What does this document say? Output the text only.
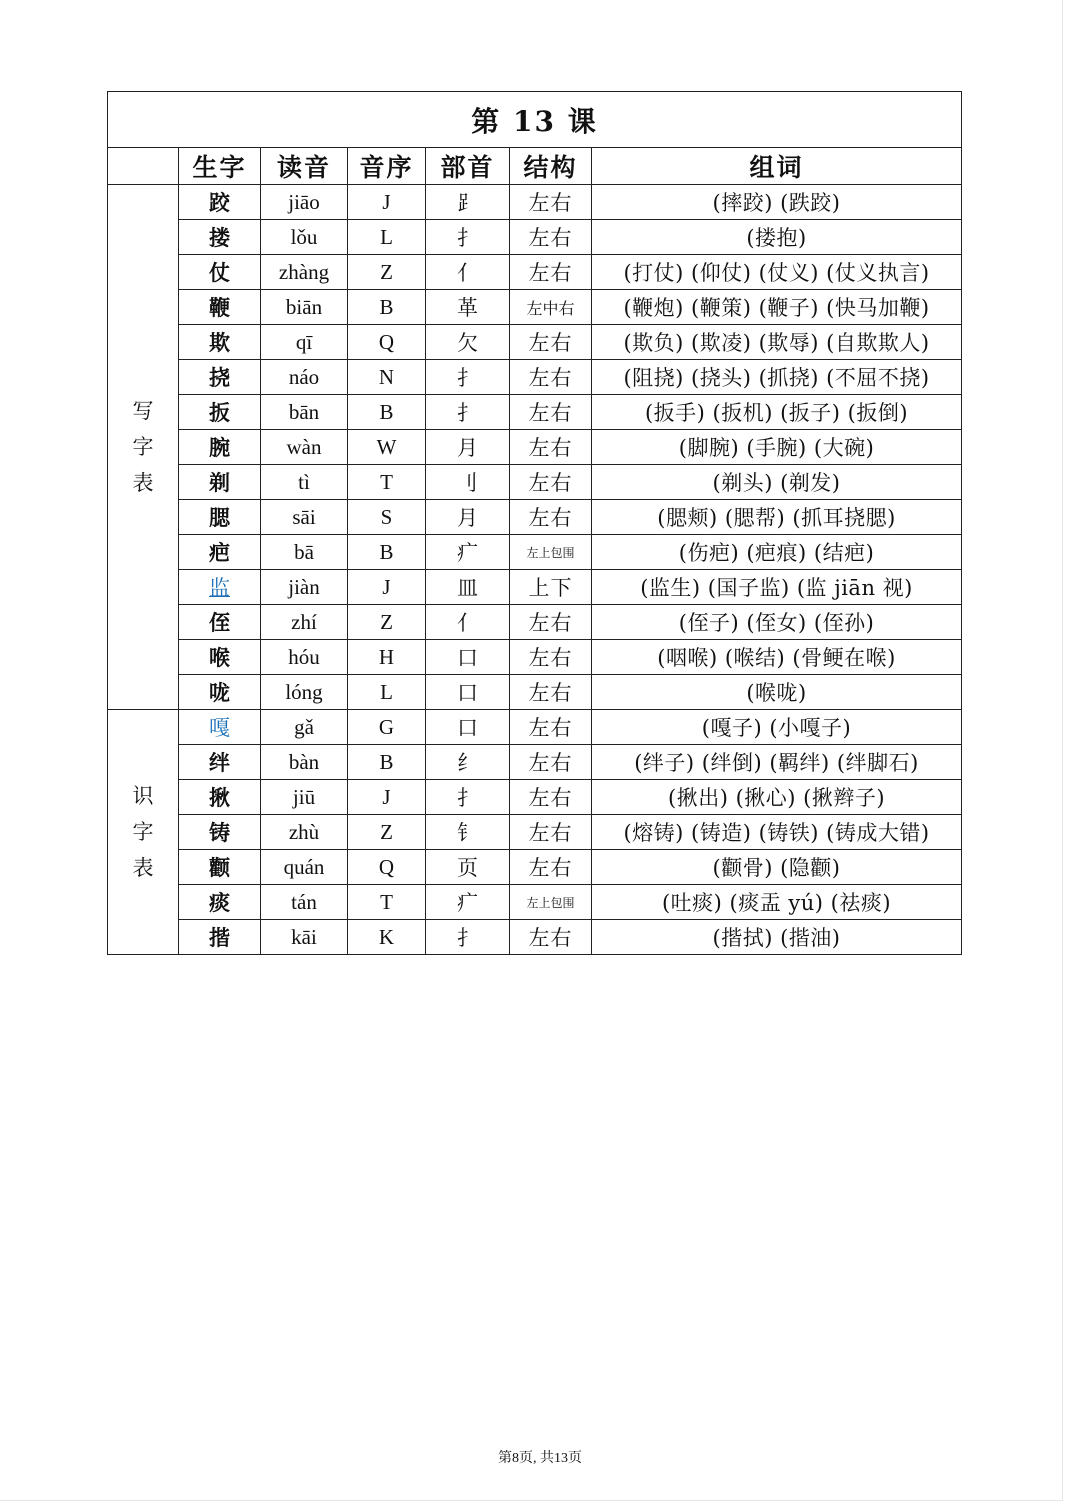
第 13 课						
	生字	读音	音序	部首	结构	组词
写字表	跤	jiāo	J	⻊	左右	(摔跤) (跌跤)
	搂	lǒu	L	扌	左右	(搂抱)
	仗	zhàng	Z	亻	左右	(打仗) (仰仗) (仗义) (仗义执言)
	鞭	biān	B	革	左中右	(鞭炮) (鞭策) (鞭子) (快马加鞭)
	欺	qī	Q	欠	左右	(欺负) (欺凌) (欺辱) (自欺欺人)
	挠	náo	N	扌	左右	(阻挠) (挠头) (抓挠) (不屈不挠)
	扳	bān	B	扌	左右	(扳手) (扳机) (扳子) (扳倒)
	腕	wàn	W	月	左右	(脚腕) (手腕) (大碗)
	剃	tì	T	刂	左右	(剃头) (剃发)
	腮	sāi	S	月	左右	(腮颊) (腮帮) (抓耳挠腮)
	疤	bā	B	疒	左上包围	(伤疤) (疤痕) (结疤)
	监	jiàn	J	皿	上下	(监生) (国子监) (监 jiān 视)
	侄	zhí	Z	亻	左右	(侄子) (侄女) (侄孙)
	喉	hóu	H	口	左右	(咽喉) (喉结) (骨鲠在喉)
	咙	lóng	L	口	左右	(喉咙)
识字表	嘎	gǎ	G	口	左右	(嘎子) (小嘎子)
	绊	bàn	B	纟	左右	(绊子) (绊倒) (羁绊) (绊脚石)
	揪	jiū	J	扌	左右	(揪出) (揪心) (揪辫子)
	铸	zhù	Z	钅	左右	(熔铸) (铸造) (铸铁) (铸成大错)
	颧	quán	Q	页	左右	(颧骨) (隐颧)
	痰	tán	T	疒	左上包围	(吐痰) (痰盂 yú) (祛痰)
	揩	kāi	K	扌	左右	(揩拭) (揩油)
第8页, 共13页
